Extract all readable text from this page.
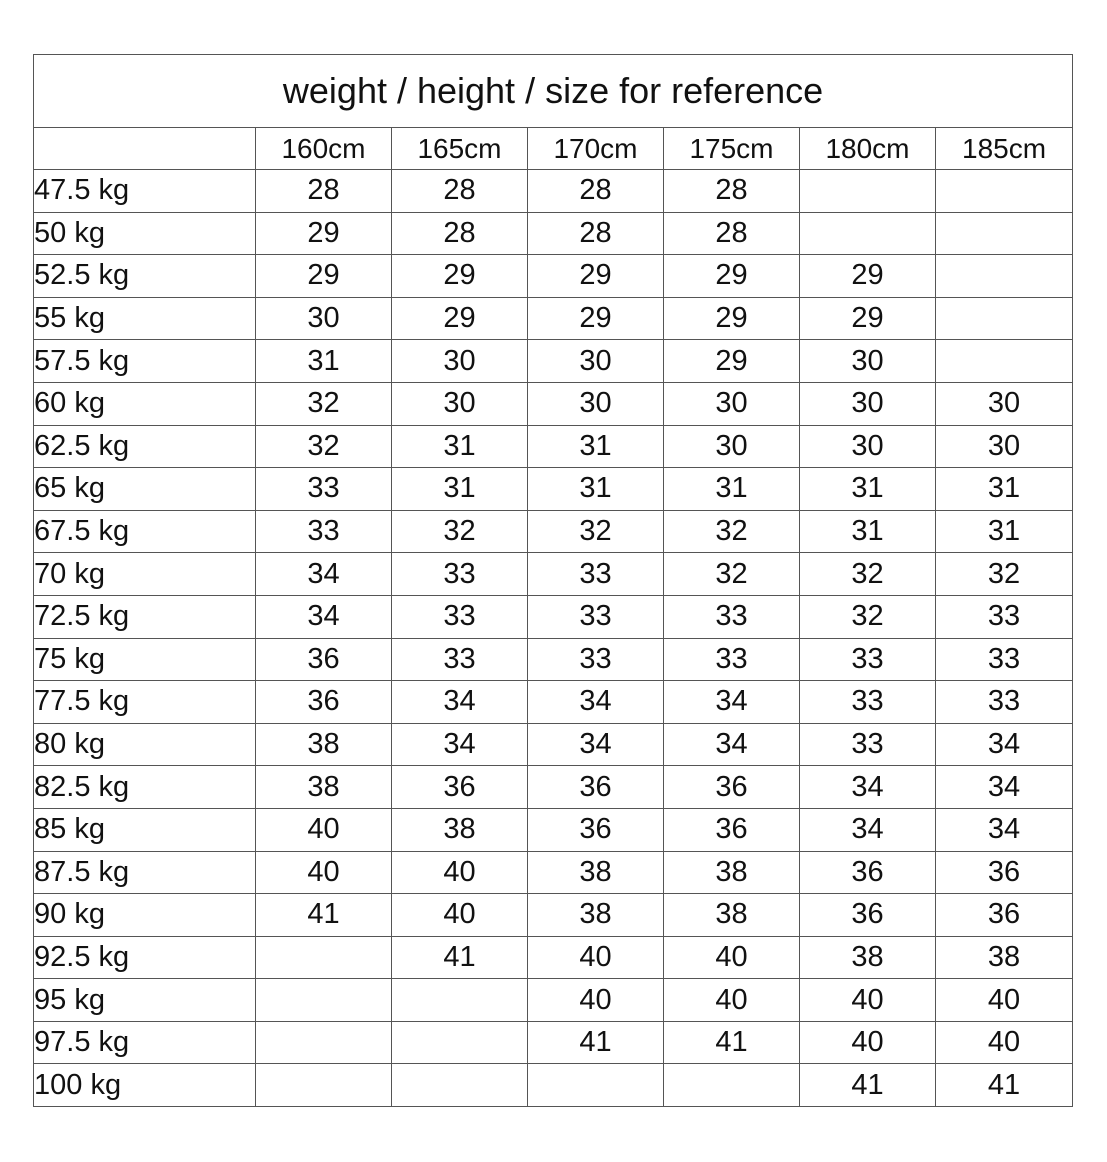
weight / height / size for reference						
	160cm	165cm	170cm	175cm	180cm	185cm
47.5 kg	28	28	28	28		
50 kg	29	28	28	28		
52.5 kg	29	29	29	29	29	
55 kg	30	29	29	29	29	
57.5 kg	31	30	30	29	30	
60 kg	32	30	30	30	30	30
62.5 kg	32	31	31	30	30	30
65 kg	33	31	31	31	31	31
67.5 kg	33	32	32	32	31	31
70 kg	34	33	33	32	32	32
72.5 kg	34	33	33	33	32	33
75 kg	36	33	33	33	33	33
77.5 kg	36	34	34	34	33	33
80 kg	38	34	34	34	33	34
82.5 kg	38	36	36	36	34	34
85 kg	40	38	36	36	34	34
87.5 kg	40	40	38	38	36	36
90 kg	41	40	38	38	36	36
92.5 kg		41	40	40	38	38
95 kg			40	40	40	40
97.5 kg			41	41	40	40
100 kg					41	41
